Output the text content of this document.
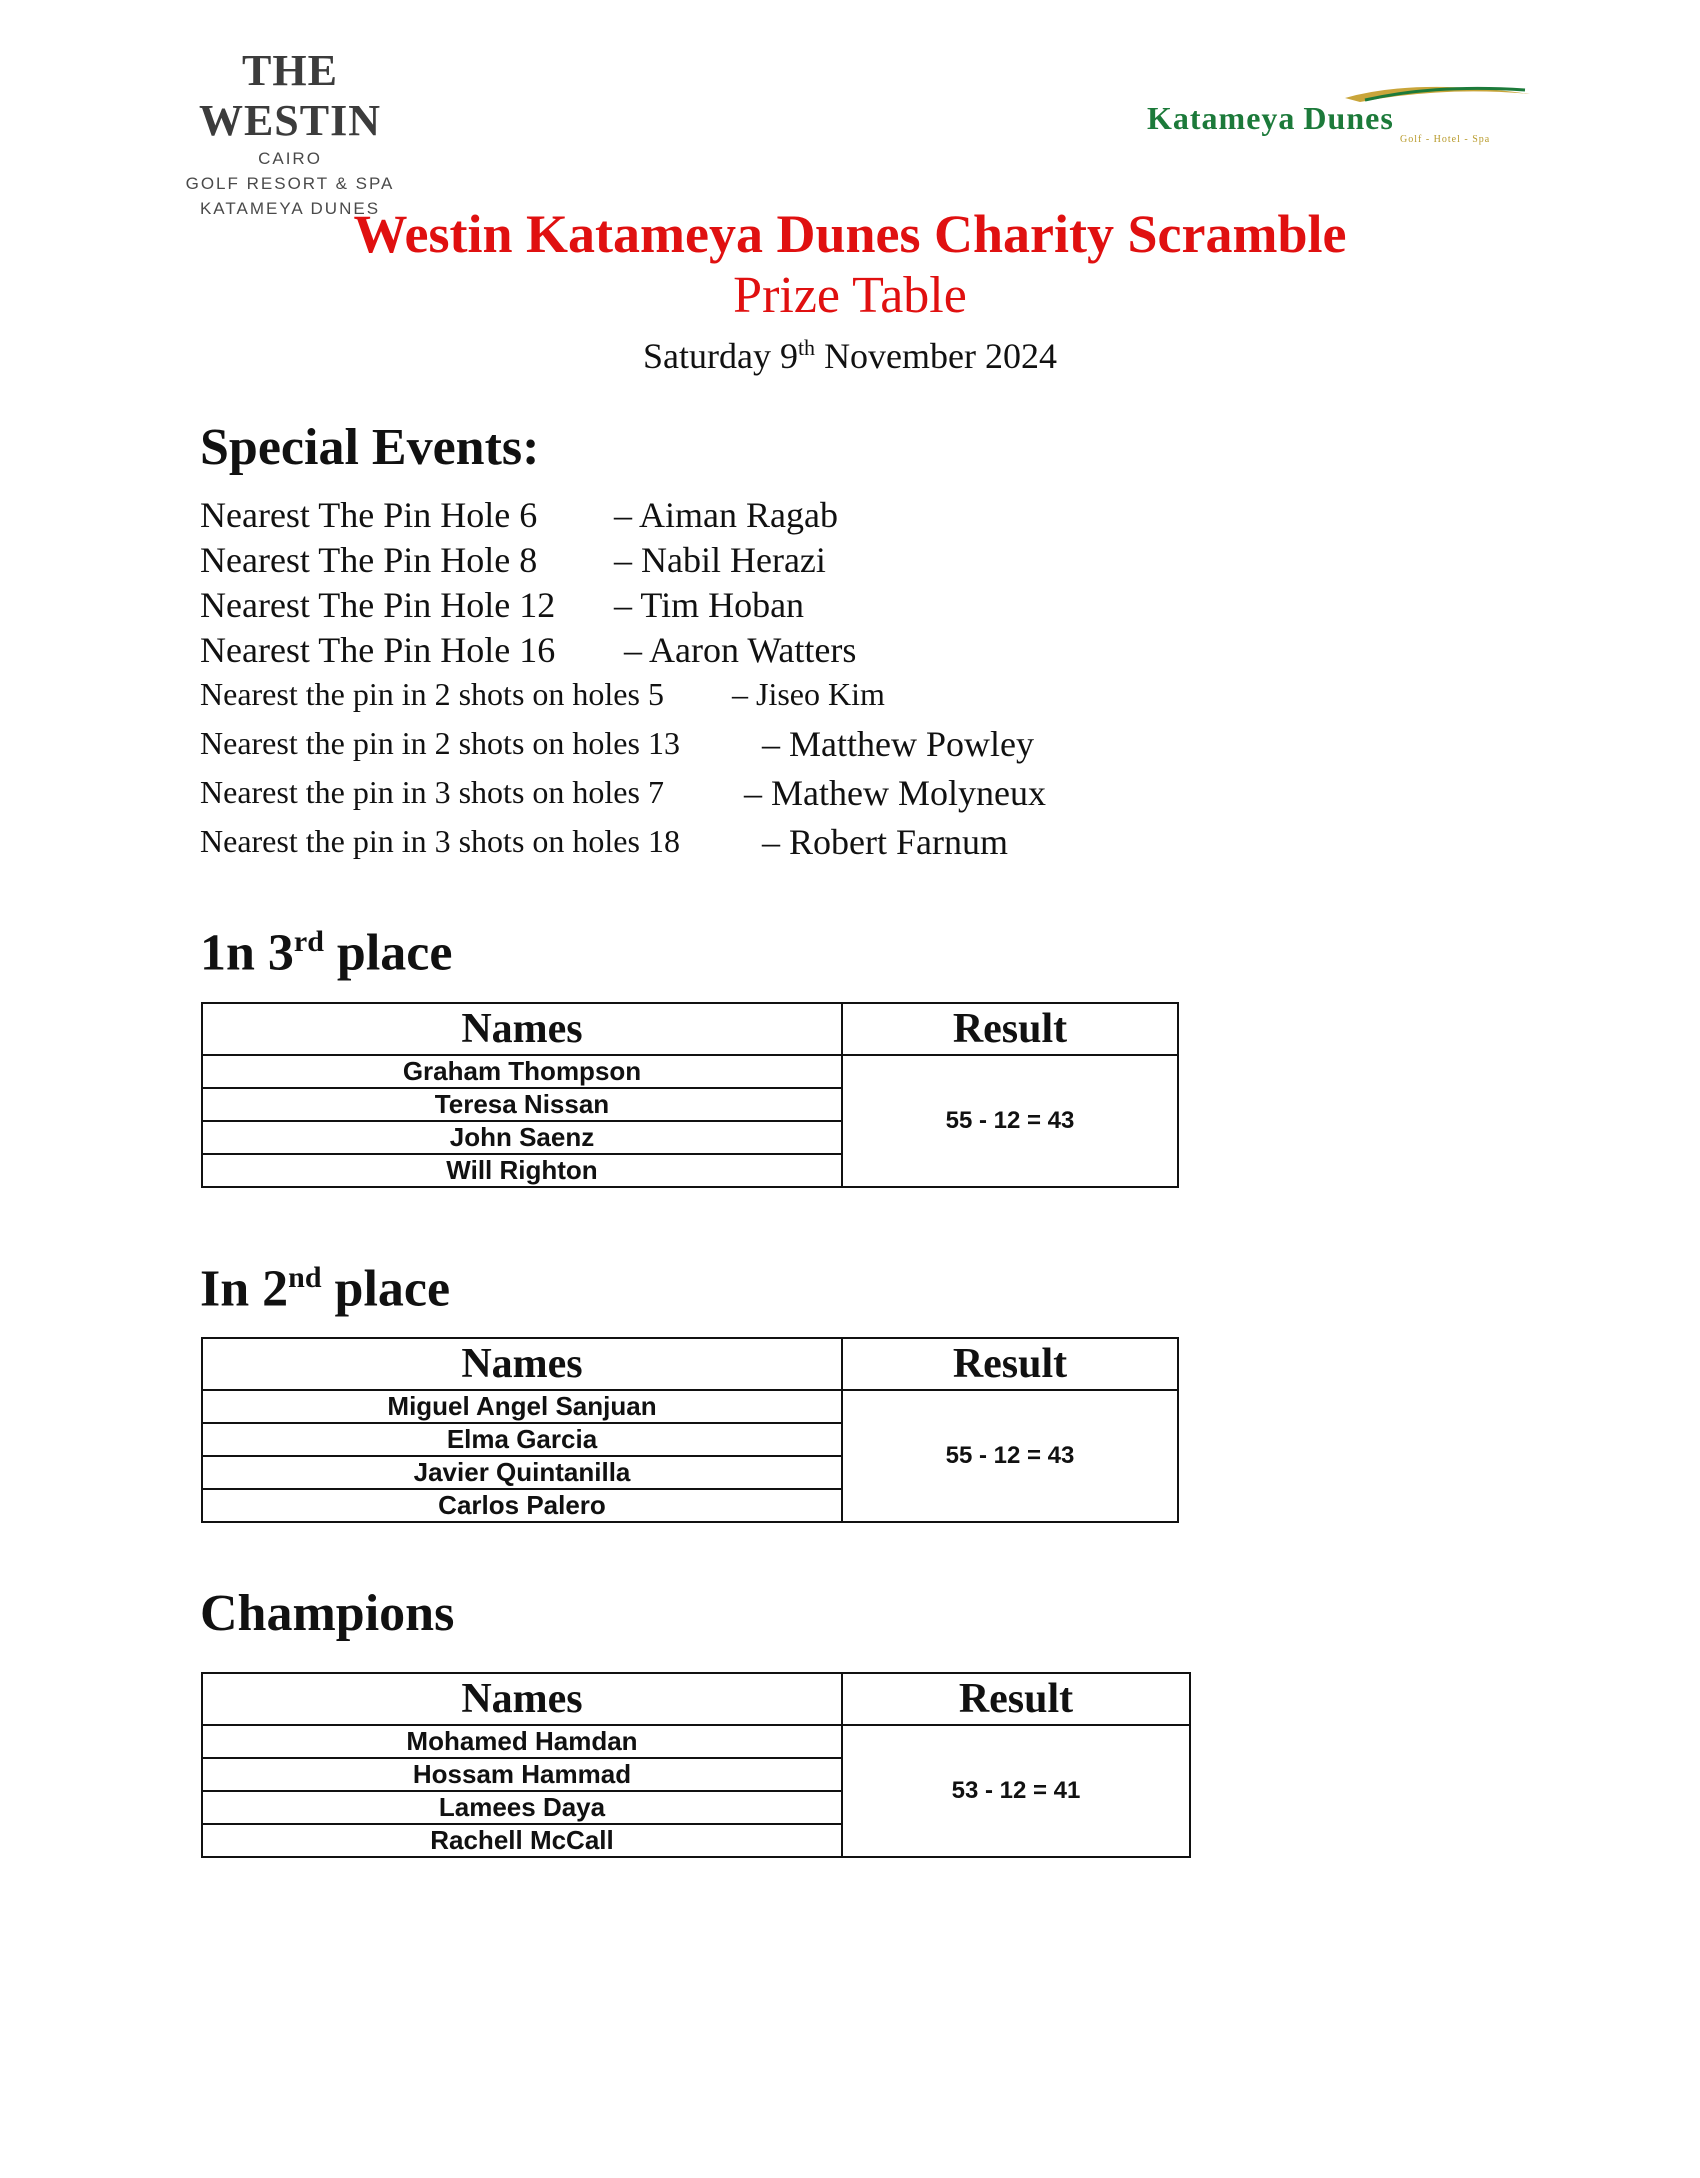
THE WESTIN
CAIRO
GOLF RESORT & SPA
KATAMEYA DUNES
Katameya Dunes
Golf - Hotel - Spa
Westin Katameya Dunes Charity Scramble
Prize Table
Saturday 9th November 2024
Special Events:
Nearest The Pin Hole 6 – Aiman Ragab
Nearest The Pin Hole 8 – Nabil Herazi
Nearest The Pin Hole 12 – Tim Hoban
Nearest The Pin Hole 16 – Aaron Watters
Nearest the pin in 2 shots on holes 5 – Jiseo Kim
Nearest the pin in 2 shots on holes 13 – Matthew Powley
Nearest the pin in 3 shots on holes 7 – Mathew Molyneux
Nearest the pin in 3 shots on holes 18 – Robert Farnum
1n 3rd place
Names	Result
Graham Thompson	55 - 12 = 43
Teresa Nissan	
John Saenz	
Will Righton	
In 2nd place
Names	Result
Miguel Angel Sanjuan	55 - 12 = 43
Elma Garcia	
Javier Quintanilla	
Carlos Palero	
Champions
Names	Result
Mohamed Hamdan	53 - 12 = 41
Hossam Hammad	
Lamees Daya	
Rachell McCall	
